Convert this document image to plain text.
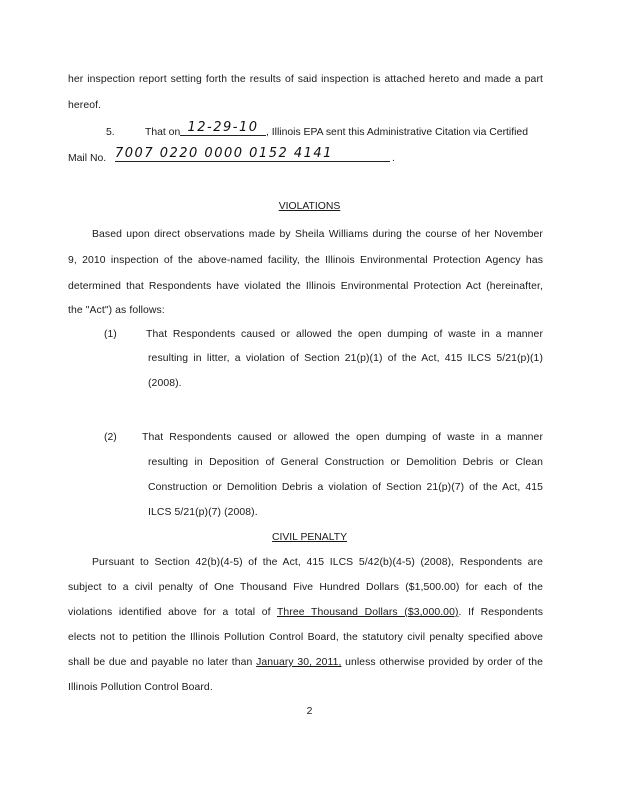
her inspection report setting forth the results of said inspection is attached hereto and made a part
hereof.
5.	That on 12-29-10 , Illinois EPA sent this Administrative Citation via Certified
Mail No. 7007 0220 0000 0152 4141	.
VIOLATIONS
Based upon direct observations made by Sheila Williams during the course of her November
9, 2010 inspection of the above-named facility, the Illinois Environmental Protection Agency has
determined that Respondents have violated the Illinois Environmental Protection Act (hereinafter,
the "Act") as follows:
(1)	That Respondents caused or allowed the open dumping of waste in a manner
resulting in litter, a violation of Section 21(p)(1) of the Act, 415 ILCS 5/21(p)(1)
(2008).
(2) That Respondents caused or allowed the open dumping of waste in a manner
resulting in Deposition of General Construction or Demolition Debris or Clean
Construction or Demolition Debris a violation of Section 21(p)(7) of the Act, 415
ILCS 5/21(p)(7) (2008).
CIVIL PENALTY
Pursuant to Section 42(b)(4-5) of the Act, 415 ILCS 5/42(b)(4-5) (2008), Respondents are
subject to a civil penalty of One Thousand Five Hundred Dollars ($1,500.00) for each of the
violations identified above for a total of Three Thousand Dollars ($3,000.00). If Respondents
elects not to petition the Illinois Pollution Control Board, the statutory civil penalty specified above
shall be due and payable no later than January 30, 2011, unless otherwise provided by order of the
Illinois Pollution Control Board.
2
